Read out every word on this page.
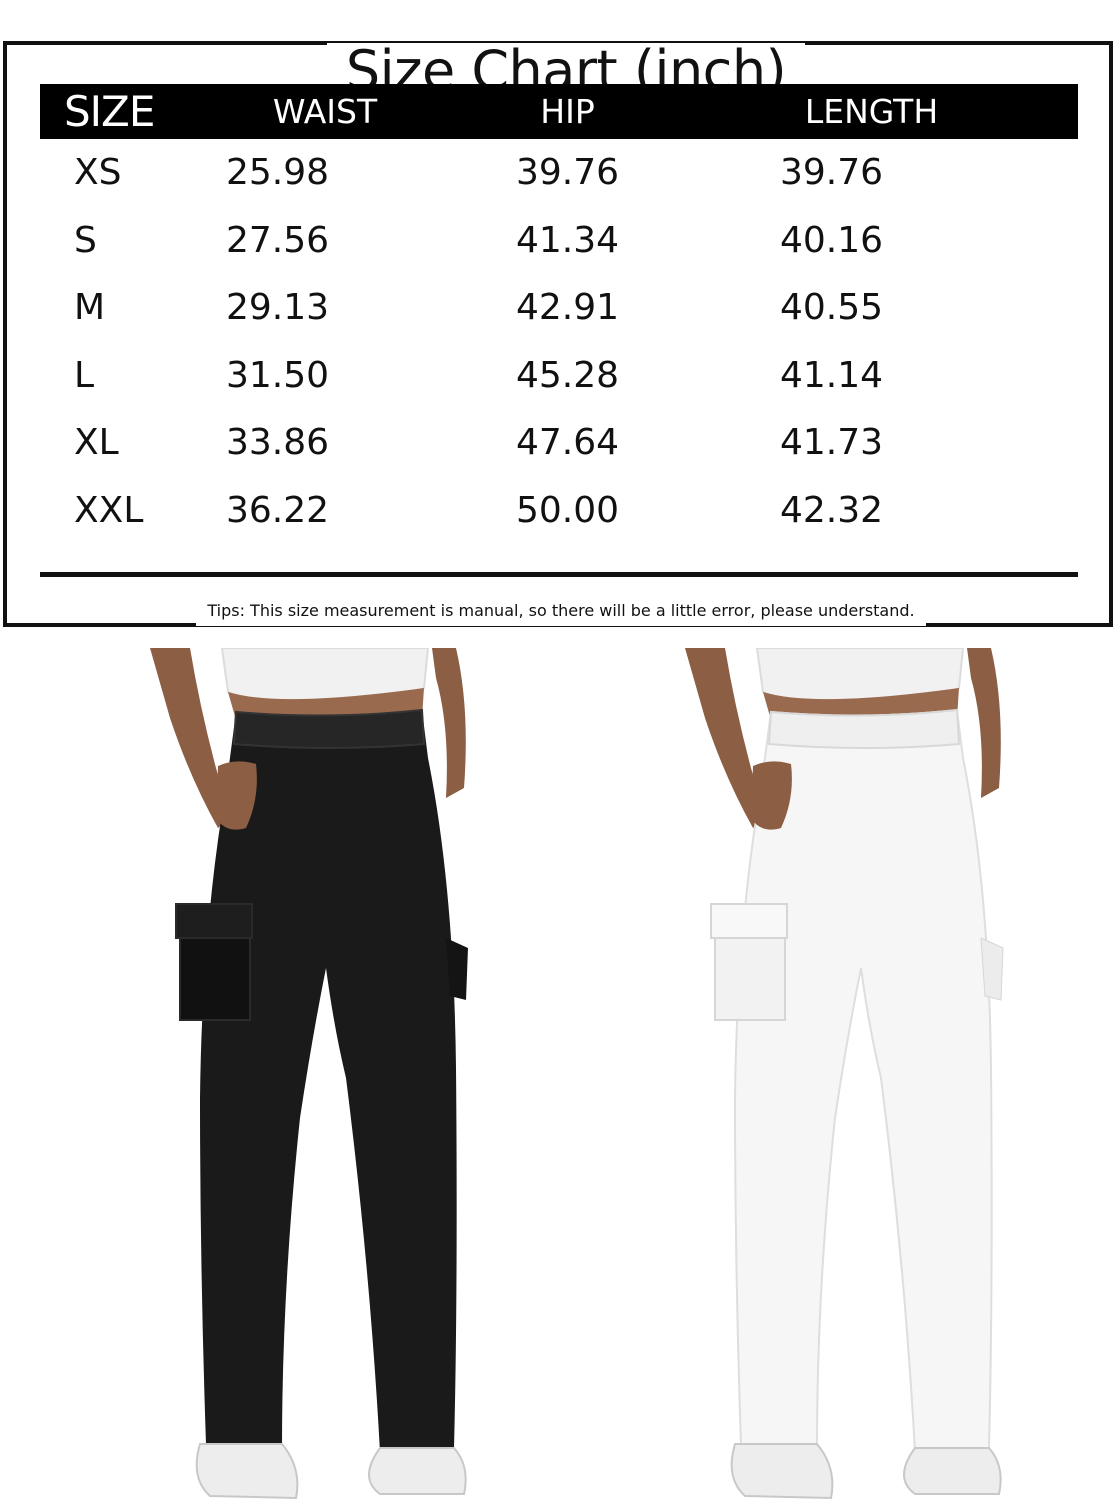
Size Chart (inch)
Tips: This size measurement is manual, so there will be a little error, please understand.
SIZE	WAIST	HIP	LENGTH
XS	25.98	39.76	39.76
S	27.56	41.34	40.16
M	29.13	42.91	40.55
L	31.50	45.28	41.14
XL	33.86	47.64	41.73
XXL	36.22	50.00	42.32
